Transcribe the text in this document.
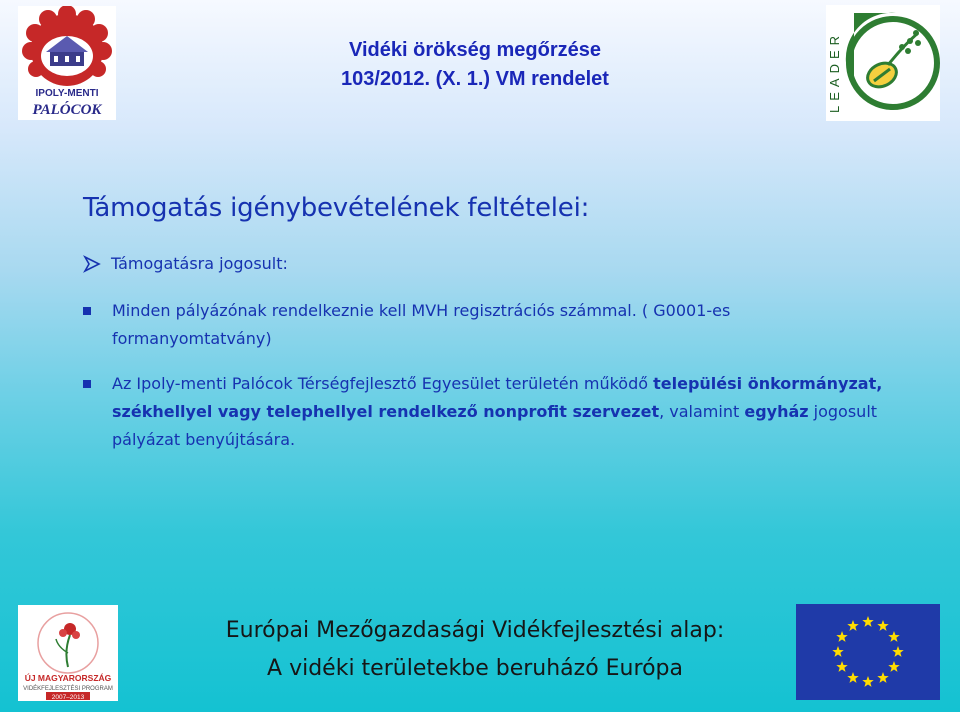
IPOLY-MENTI
PALÓCOK	LEADER
Vidéki örökség megőrzése
103/2012. (X. 1.) VM rendelet
Támogatás igénybevételének feltételei:
Támogatásra jogosult:
Minden pályázónak rendelkeznie kell MVH regisztrációs számmal. ( G0001-es formanyomtatvány)
Az Ipoly-menti Palócok Térségfejlesztő Egyesület területén működő települési önkormányzat, székhellyel vagy telephellyel rendelkező nonprofit szervezet, valamint egyház jogosult pályázat benyújtására.
ÚJ MAGYARORSZÁG
VIDÉKFEJLESZTÉSI PROGRAM
2007–2013
Európai Mezőgazdasági Vidékfejlesztési alap:
A vidéki területekbe beruházó Európa
